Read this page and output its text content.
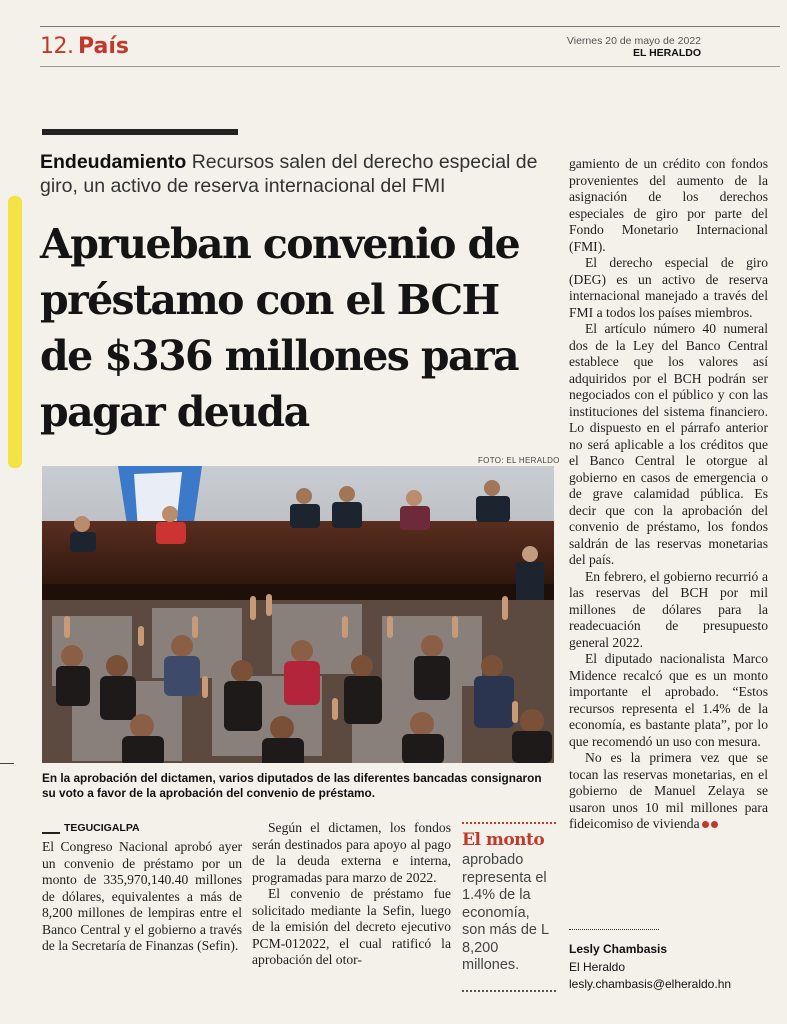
12. País	Viernes 20 de mayo de 2022
EL HERALDO
Endeudamiento Recursos salen del derecho especial de giro, un activo de reserva internacional del FMI
Aprueban convenio de préstamo con el BCH de $336 millones para pagar deuda
FOTO: EL HERALDO
En la aprobación del dictamen, varios diputados de las diferentes bancadas consignaron su voto a favor de la aprobación del convenio de préstamo.

gamiento de un crédito con fondos provenientes del aumento de la asignación de los derechos especiales de giro por parte del Fondo Monetario Internacional (FMI).

El derecho especial de giro (DEG) es un activo de reserva internacional manejado a través del FMI a todos los países miembros.

El artículo número 40 numeral dos de la Ley del Banco Central establece que los valores así adquiridos por el BCH podrán ser negociados con el público y con las instituciones del sistema financiero. Lo dispuesto en el párrafo anterior no será aplicable a los créditos que el Banco Central le otorgue al gobierno en casos de emergencia o de grave calamidad pública. Es decir que con la aprobación del convenio de préstamo, los fondos saldrán de las reservas monetarias del país.

En febrero, el gobierno recurrió a las reservas del BCH por mil millones de dólares para la readecuación de presupuesto general 2022.

El diputado nacionalista Marco Midence recalcó que es un monto importante el aprobado. “Estos recursos representa el 1.4% de la economía, es bastante plata”, por lo que recomendó un uso con mesura.

No es la primera vez que se tocan las reservas monetarias, en el gobierno de Manuel Zelaya se usaron unos 10 mil millones para fideicomiso de vivienda

TEGUCIGALPA

El Congreso Nacional aprobó ayer un convenio de préstamo por un monto de 335,970,140.40 millones de dólares, equivalentes a más de 8,200 millones de lempiras entre el Banco Central y el gobierno a través de la Secretaría de Finanzas (Sefin).

Según el dictamen, los fondos serán destinados para apoyo al pago de la deuda externa e interna, programadas para marzo de 2022.

El convenio de préstamo fue solicitado mediante la Sefin, luego de la emisión del decreto ejecutivo PCM-012022, el cual ratificó la aprobación del otor-

El monto
aprobado representa el 1.4% de la economía, son más de L 8,200 millones.
Lesly Chambasis
El Heraldo
lesly.chambasis@elheraldo.hn
